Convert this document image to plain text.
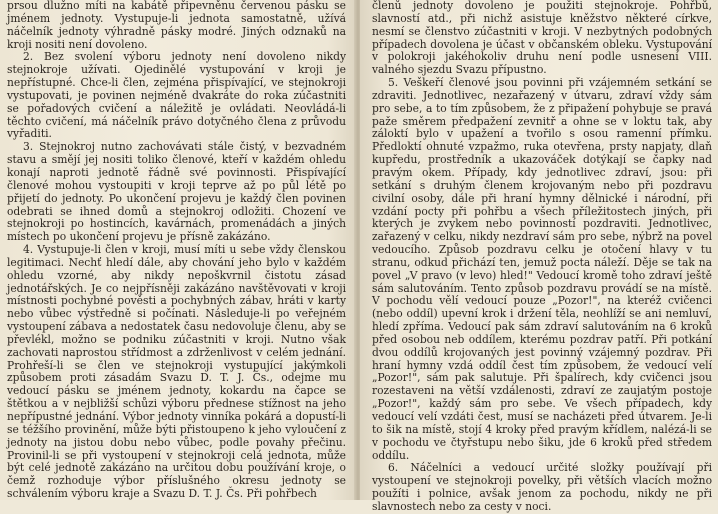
prsou dlužno míti na kabátě připevněnu červenou pásku se jménem jednoty. Vystupuje-li jednota samostatně, užívá náčelník jednoty výhradně pásky modré. Jiných odznaků na kroji nositi není dovoleno.

2. Bez svolení výboru jednoty není dovoleno nikdy stejnokroje užívati. Ojedinělé vystupování v kroji je nepřístupné. Chce-li člen, zejména přispívající, ve stejnokroji vystupovati, je povinen nejméně dvakráte do roka zúčastniti se pořadových cvičení a náležitě je ovládati. Neovládá-li těchto cvičení, má náčelník právo dotyčného člena z průvodu vyřaditi.

3. Stejnokroj nutno zachovávati stále čistý, v bezvadném stavu a smějí jej nositi toliko členové, kteří v každém ohledu konají naproti jednotě řádně své povinnosti. Přispívající členové mohou vystoupiti v kroji teprve až po půl létě po přijetí do jednoty. Po ukončení projevu je každý člen povinen odebrati se ihned domů a stejnokroj odložiti. Chození ve stejnokroji po hostincích, kavárnách, promenádách a jiných místech po ukončení projevu je přísně zakázáno.

4. Vystupuje-li člen v kroji, musí míti u sebe vždy členskou legitimaci. Nechť hledí dále, aby chování jeho bylo v každém ohledu vzorné, aby nikdy nepoškvrnil čistotu zásad jednotářských. Je co nejpřísněji zakázáno navštěvovati v kroji místnosti pochybné pověsti a pochybných zábav, hráti v karty nebo vůbec výstředně si počínati. Následuje-li po veřejném vystoupení zábava a nedostatek času nedovoluje členu, aby se převlékl, možno se podniku zúčastniti v kroji. Nutno však zachovati naprostou střídmost a zdrženlivost v celém jednání. Prohřeší-li se člen ve stejnokroji vystupující jakýmkoli způsobem proti zásadám Svazu D. T. J. Čs., odejme mu vedoucí pásku se jménem jednoty, kokardu na čapce se štětkou a v nejbližší schůzi výboru přednese stížnost na jeho nepřípustné jednání. Výbor jednoty vinníka pokárá a dopustí-li se téžšího provinění, může býti přistoupeno k jeho vyloučení z jednoty na jistou dobu nebo vůbec, podle povahy přečinu. Provinil-li se při vystoupení v stejnokroji celá jednota, může být celé jednotě zakázáno na určitou dobu používání kroje, o čemž rozhoduje výbor příslušného okresu jednoty se schválením výboru kraje a Svazu D. T. J. Čs. Při pohřbech

členů jednoty dovoleno je použiti stejnokroje. Pohřbů, slavností atd., při nichž asistuje kněžstvo některé církve, nesmí se členstvo zúčastniti v kroji. V nezbytných podobných případech dovolena je účast v občanském obleku. Vystupování v polokroji jakéhokoliv druhu není podle usnesení VIII. valného sjezdu Svazu přípustno.

5. Veškeří členové jsou povinni při vzájemném setkání se zdraviti. Jednotlivec, nezařazený v útvaru, zdraví vždy sám pro sebe, a to tím způsobem, že z připažení pohybuje se pravá paže směrem předpažení zevnitř a ohne se v loktu tak, aby záloktí bylo v upažení a tvořilo s osou ramenní přímku. Předloktí ohnuté vzpažmo, ruka otevřena, prsty napjaty, dlaň kupředu, prostředník a ukazováček dotýkají se čapky nad pravým okem. Případy, kdy jednotlivec zdraví, jsou: při setkání s druhým členem krojovaným nebo při pozdravu civilní osoby, dále při hraní hymny dělnické i národní, při vzdání pocty při pohřbu a všech příležitostech jiných, při kterých je zvykem nebo povinností pozdraviti. Jednotlivec, zařazený v celku, nikdy nezdraví sám pro sebe, nýbrž na povel vedoucího. Způsob pozdravu celku je otočení hlavy v tu stranu, odkud přichází ten, jemuž pocta náleží. Děje se tak na povel „V pravo (v levo) hled!" Vedoucí kromě toho zdraví ještě sám salutováním. Tento způsob pozdravu provádí se na místě. V pochodu vělí vedoucí pouze „Pozor!", na kteréž cvičenci (nebo oddíl) upevní krok i držení těla, neohlíží se ani nemluví, hledí zpříma. Vedoucí pak sám zdraví salutováním na 6 kroků před osobou neb oddílem, kterému pozdrav patří. Při potkání dvou oddílů krojovaných jest povinný vzájemný pozdrav. Při hraní hymny vzdá oddíl čest tím způsobem, že vedoucí velí „Pozor!", sám pak salutuje. Při špalírech, kdy cvičenci jsou rozestaveni na větší vzdálenosti, zdraví ze zaujatým postoje „Pozor!", každý sám pro sebe. Ve všech případech, kdy vedoucí velí vzdáti čest, musí se nacházeti před útvarem. Je-li to šik na místě, stojí 4 kroky před pravým křídlem, nalézá-li se v pochodu ve čtyřstupu nebo šiku, jde 6 kroků před středem oddílu.

6. Náčelníci a vedoucí určité složky používají při vystoupení ve stejnokroji povelky, při větších vlacích možno použíti i polnice, avšak jenom za pochodu, nikdy ne při slavnostech nebo za cesty v noci.
